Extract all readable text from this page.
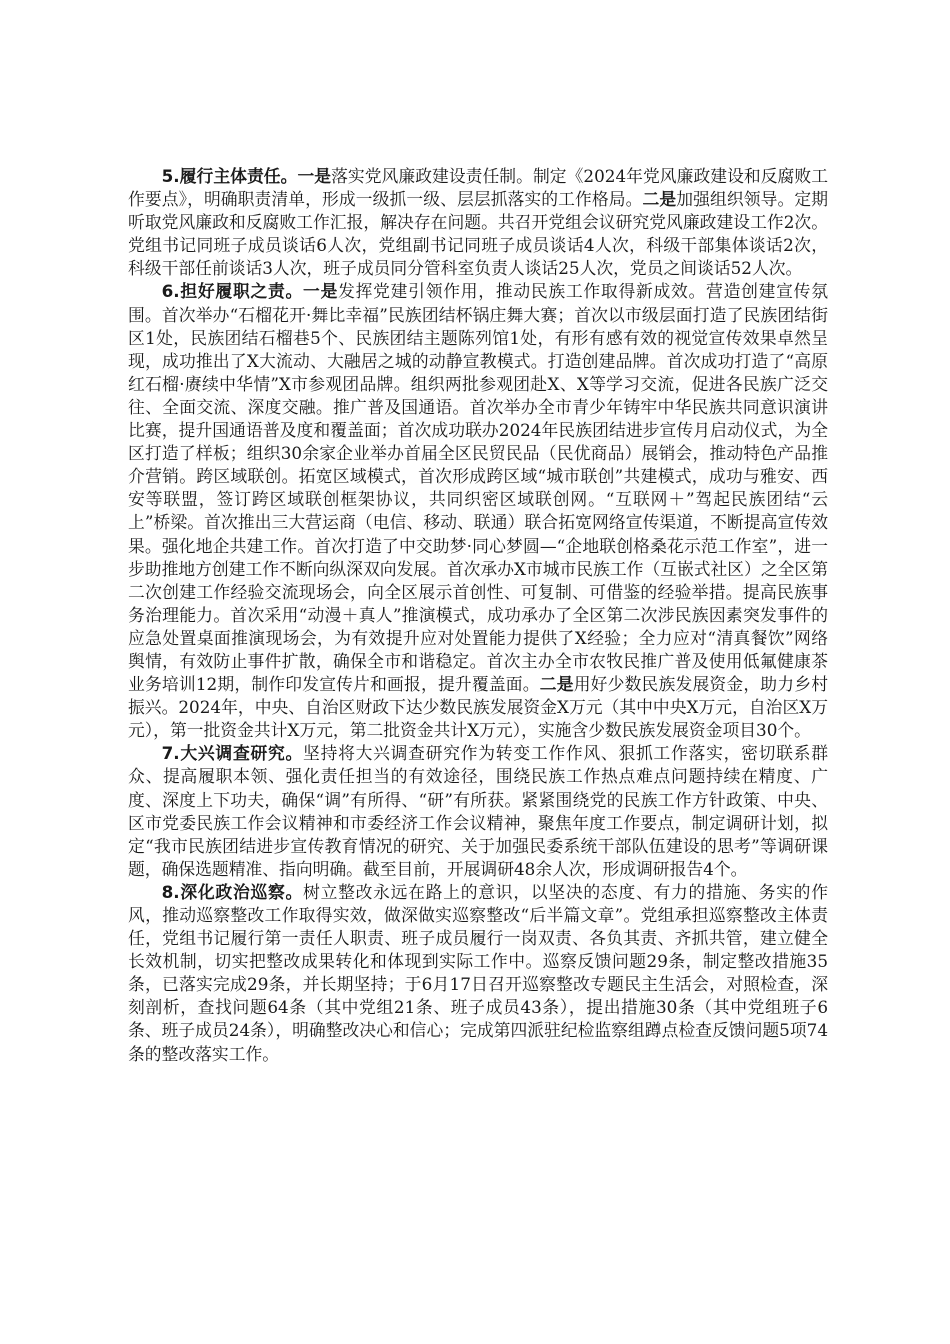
5.履行主体责任。一是落实党风廉政建设责任制。制定《2024年党风廉政建设和反腐败工作要点》，明确职责清单，形成一级抓一级、层层抓落实的工作格局。二是加强组织领导。定期听取党风廉政和反腐败工作汇报，解决存在问题。共召开党组会议研究党风廉政建设工作2次。党组书记同班子成员谈话6人次，党组副书记同班子成员谈话4人次，科级干部集体谈话2次，科级干部任前谈话3人次，班子成员同分管科室负责人谈话25人次，党员之间谈话52人次。

6.担好履职之责。一是发挥党建引领作用，推动民族工作取得新成效。营造创建宣传氛围。首次举办“石榴花开·舞比幸福”民族团结杯锅庄舞大赛；首次以市级层面打造了民族团结街区1处，民族团结石榴巷5个、民族团结主题陈列馆1处，有形有感有效的视觉宣传效果卓然呈现，成功推出了X大流动、大融居之城的动静宣教模式。打造创建品牌。首次成功打造了“高原红石榴·赓续中华情”X市参观团品牌。组织两批参观团赴X、X等学习交流，促进各民族广泛交往、全面交流、深度交融。推广普及国通语。首次举办全市青少年铸牢中华民族共同意识演讲比赛，提升国通语普及度和覆盖面；首次成功联办2024年民族团结进步宣传月启动仪式，为全区打造了样板；组织30余家企业举办首届全区民贸民品（民优商品）展销会，推动特色产品推介营销。跨区域联创。拓宽区域模式，首次形成跨区域“城市联创”共建模式，成功与雅安、西安等联盟，签订跨区域联创框架协议，共同织密区域联创网。“互联网＋”驾起民族团结“云上”桥梁。首次推出三大营运商（电信、移动、联通）联合拓宽网络宣传渠道，不断提高宣传效果。强化地企共建工作。首次打造了中交助梦·同心梦圆—“企地联创格桑花示范工作室”，进一步助推地方创建工作不断向纵深双向发展。首次承办X市城市民族工作（互嵌式社区）之全区第二次创建工作经验交流现场会，向全区展示首创性、可复制、可借鉴的经验举措。提高民族事务治理能力。首次采用“动漫＋真人”推演模式，成功承办了全区第二次涉民族因素突发事件的应急处置桌面推演现场会，为有效提升应对处置能力提供了X经验；全力应对“清真餐饮”网络舆情，有效防止事件扩散，确保全市和谐稳定。首次主办全市农牧民推广普及使用低氟健康茶业务培训12期，制作印发宣传片和画报，提升覆盖面。二是用好少数民族发展资金，助力乡村振兴。2024年，中央、自治区财政下达少数民族发展资金X万元（其中中央X万元，自治区X万元），第一批资金共计X万元，第二批资金共计X万元），实施含少数民族发展资金项目30个。

7.大兴调查研究。坚持将大兴调查研究作为转变工作作风、狠抓工作落实，密切联系群众、提高履职本领、强化责任担当的有效途径，围绕民族工作热点难点问题持续在精度、广度、深度上下功夫，确保“调”有所得、“研”有所获。紧紧围绕党的民族工作方针政策、中央、区市党委民族工作会议精神和市委经济工作会议精神，聚焦年度工作要点，制定调研计划，拟定“我市民族团结进步宣传教育情况的研究、关于加强民委系统干部队伍建设的思考”等调研课题，确保选题精准、指向明确。截至目前，开展调研48余人次，形成调研报告4个。

8.深化政治巡察。树立整改永远在路上的意识，以坚决的态度、有力的措施、务实的作风，推动巡察整改工作取得实效，做深做实巡察整改“后半篇文章”。党组承担巡察整改主体责任，党组书记履行第一责任人职责、班子成员履行一岗双责、各负其责、齐抓共管，建立健全长效机制，切实把整改成果转化和体现到实际工作中。巡察反馈问题29条，制定整改措施35条，已落实完成29条，并长期坚持；于6月17日召开巡察整改专题民主生活会，对照检查，深刻剖析，查找问题64条（其中党组21条、班子成员43条），提出措施30条（其中党组班子6条、班子成员24条），明确整改决心和信心；完成第四派驻纪检监察组蹲点检查反馈问题5项74条的整改落实工作。
